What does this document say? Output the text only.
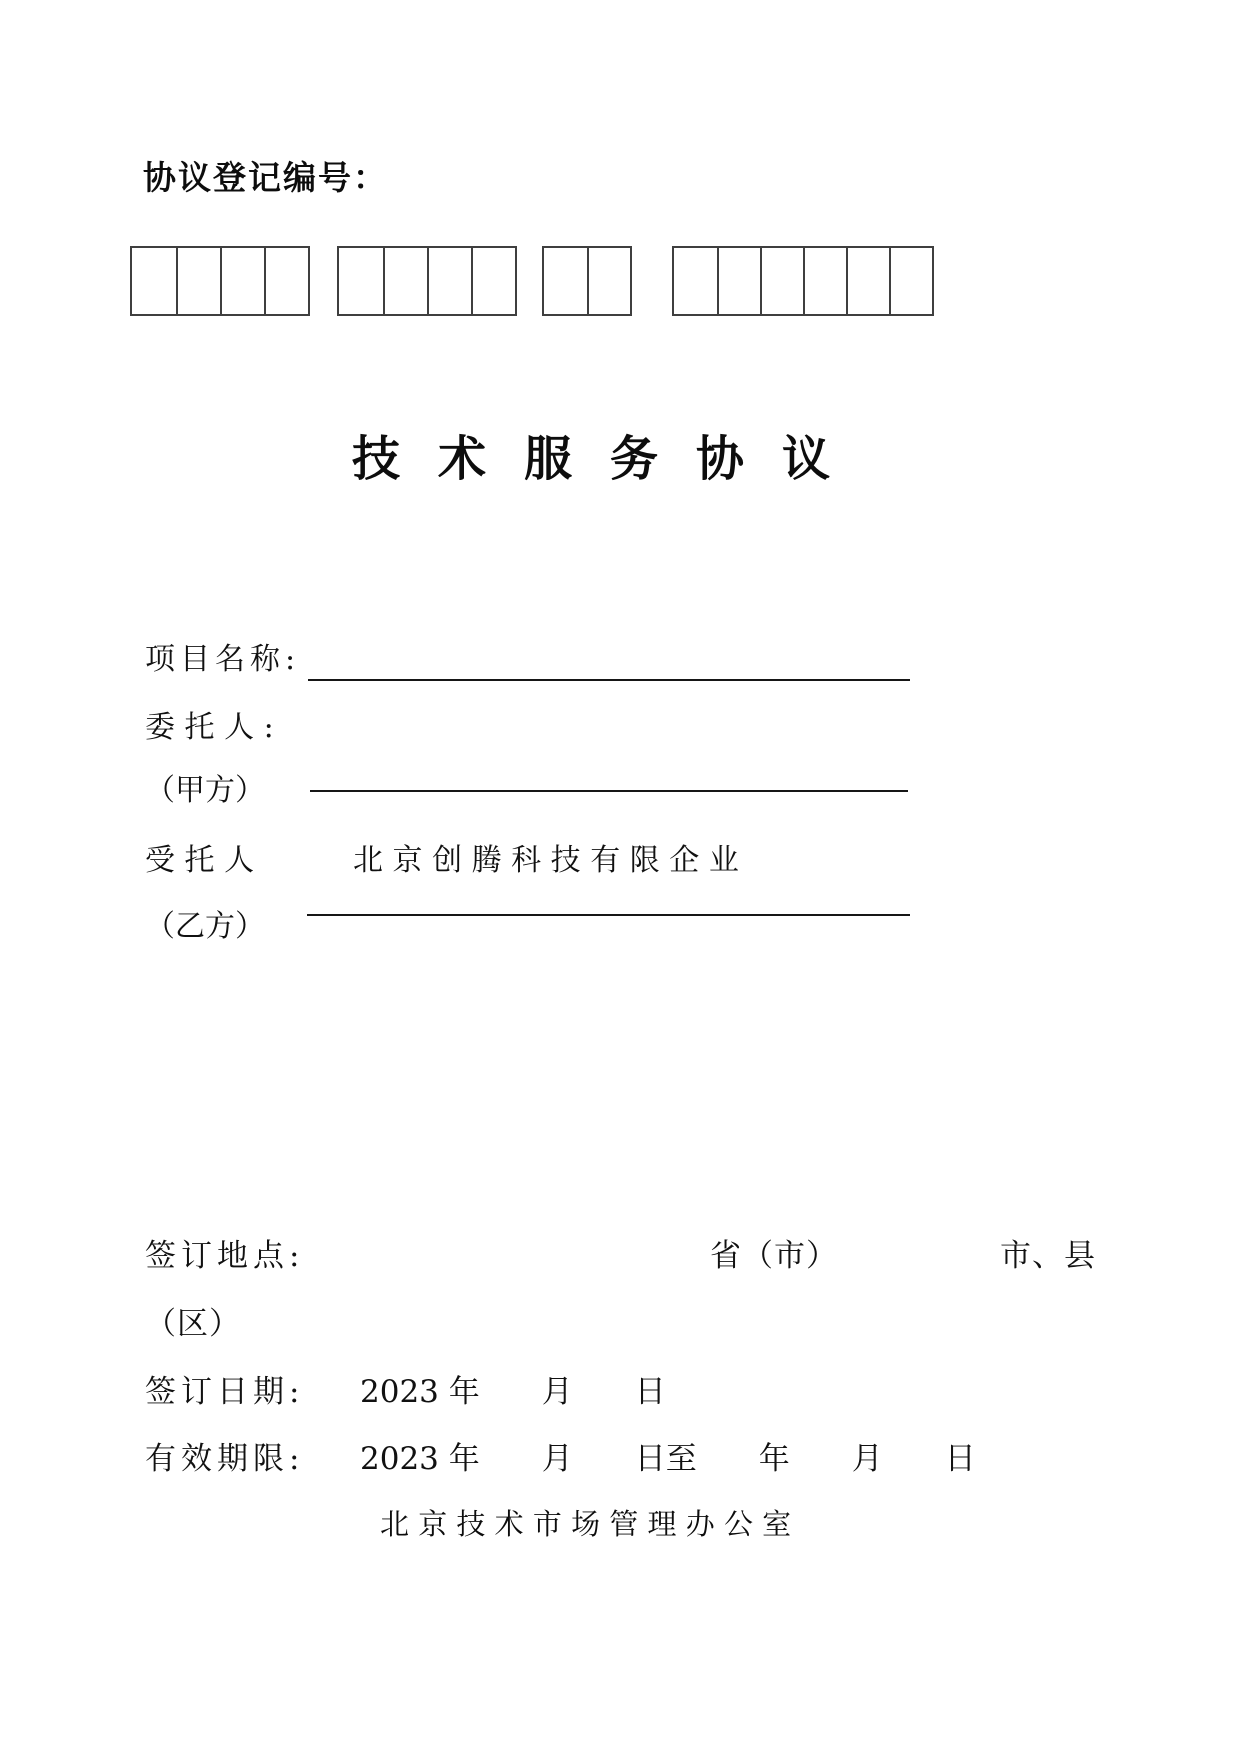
协议登记编号：
技术服务协议
项目名称:
委 托 人 :
（甲方）
受 托 人	北 京 创 腾 科 技 有 限 企 业
（乙方）
签订地点:	省（市）	市、县
（区）
签订日期: 2023 年　　月　　日
有效期限: 2023 年　　月　　日至　　年　　月　　日
北 京 技 术 市 场 管 理 办 公 室
